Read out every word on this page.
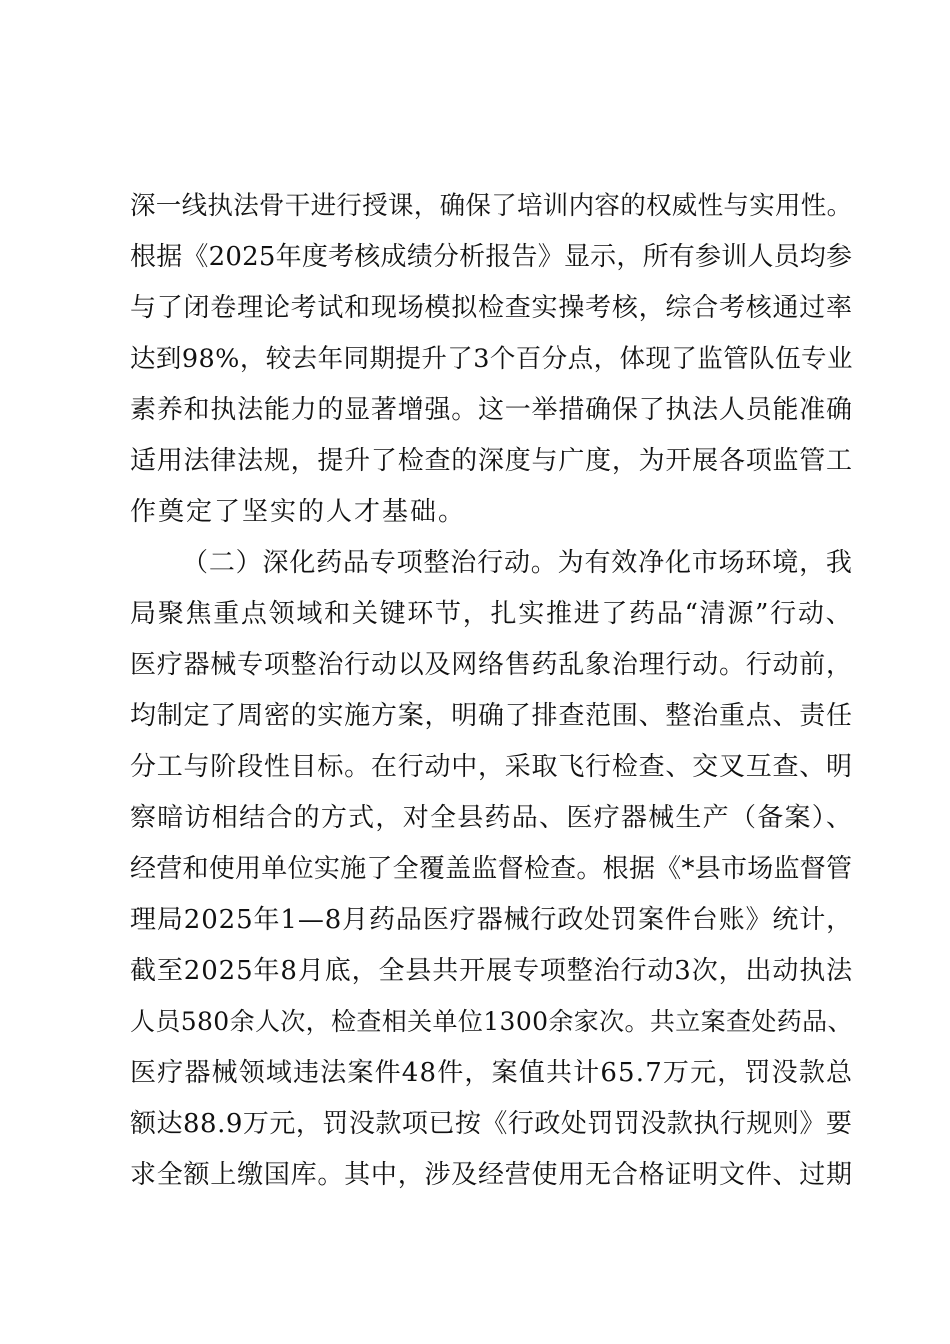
深一线执法骨干进行授课，确保了培训内容的权威性与实用性。
根据《2025年度考核成绩分析报告》显示，所有参训人员均参
与了闭卷理论考试和现场模拟检查实操考核，综合考核通过率
达到98%，较去年同期提升了3个百分点，体现了监管队伍专业
素养和执法能力的显著增强。这一举措确保了执法人员能准确
适用法律法规，提升了检查的深度与广度，为开展各项监管工
作奠定了坚实的人才基础。
（二）深化药品专项整治行动。为有效净化市场环境，我
局聚焦重点领域和关键环节，扎实推进了药品“清源”行动、
医疗器械专项整治行动以及网络售药乱象治理行动。行动前，
均制定了周密的实施方案，明确了排查范围、整治重点、责任
分工与阶段性目标。在行动中，采取飞行检查、交叉互查、明
察暗访相结合的方式，对全县药品、医疗器械生产（备案）、
经营和使用单位实施了全覆盖监督检查。根据《*县市场监督管
理局2025年1—8月药品医疗器械行政处罚案件台账》统计，
截至2025年8月底，全县共开展专项整治行动3次，出动执法
人员580余人次，检查相关单位1300余家次。共立案查处药品、
医疗器械领域违法案件48件，案值共计65.7万元，罚没款总
额达88.9万元，罚没款项已按《行政处罚罚没款执行规则》要
求全额上缴国库。其中，涉及经营使用无合格证明文件、过期
